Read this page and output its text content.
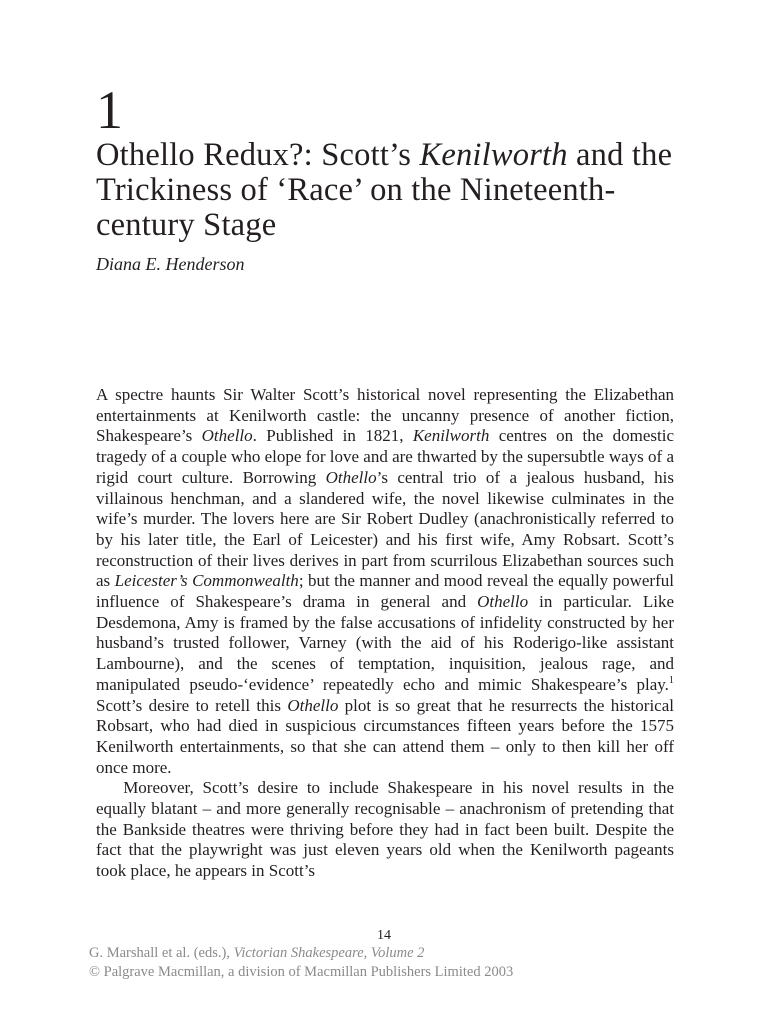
1
Othello Redux?: Scott’s Kenilworth and the Trickiness of ‘Race’ on the Nineteenth-century Stage

Diana E. Henderson

A spectre haunts Sir Walter Scott’s historical novel representing the Elizabethan entertainments at Kenilworth castle: the uncanny presence of another fiction, Shakespeare’s Othello. Published in 1821, Kenilworth centres on the domestic tragedy of a couple who elope for love and are thwarted by the supersubtle ways of a rigid court culture. Borrowing Othello’s central trio of a jealous husband, his villainous henchman, and a slandered wife, the novel likewise culminates in the wife’s murder. The lovers here are Sir Robert Dudley (anachronistically referred to by his later title, the Earl of Leicester) and his first wife, Amy Robsart. Scott’s reconstruction of their lives derives in part from scurrilous Elizabethan sources such as Leicester’s Commonwealth; but the manner and mood reveal the equally powerful influence of Shakespeare’s drama in general and Othello in particular. Like Desdemona, Amy is framed by the false accusations of infidelity constructed by her husband’s trusted follower, Varney (with the aid of his Roderigo-like assistant Lambourne), and the scenes of temptation, inquisition, jealous rage, and manipulated pseudo-‘evidence’ repeatedly echo and mimic Shakespeare’s play.$^1$ Scott’s desire to retell this Othello plot is so great that he resurrects the historical Robsart, who had died in suspicious circumstances fifteen years before the 1575 Kenilworth entertainments, so that she can attend them – only to then kill her off once more.

Moreover, Scott’s desire to include Shakespeare in his novel results in the equally blatant – and more generally recognisable – anachronism of pretending that the Bankside theatres were thriving before they had in fact been built. Despite the fact that the playwright was just eleven years old when the Kenilworth pageants took place, he appears in Scott’s

14
G. Marshall et al. (eds.), Victorian Shakespeare, Volume 2
© Palgrave Macmillan, a division of Macmillan Publishers Limited 2003
